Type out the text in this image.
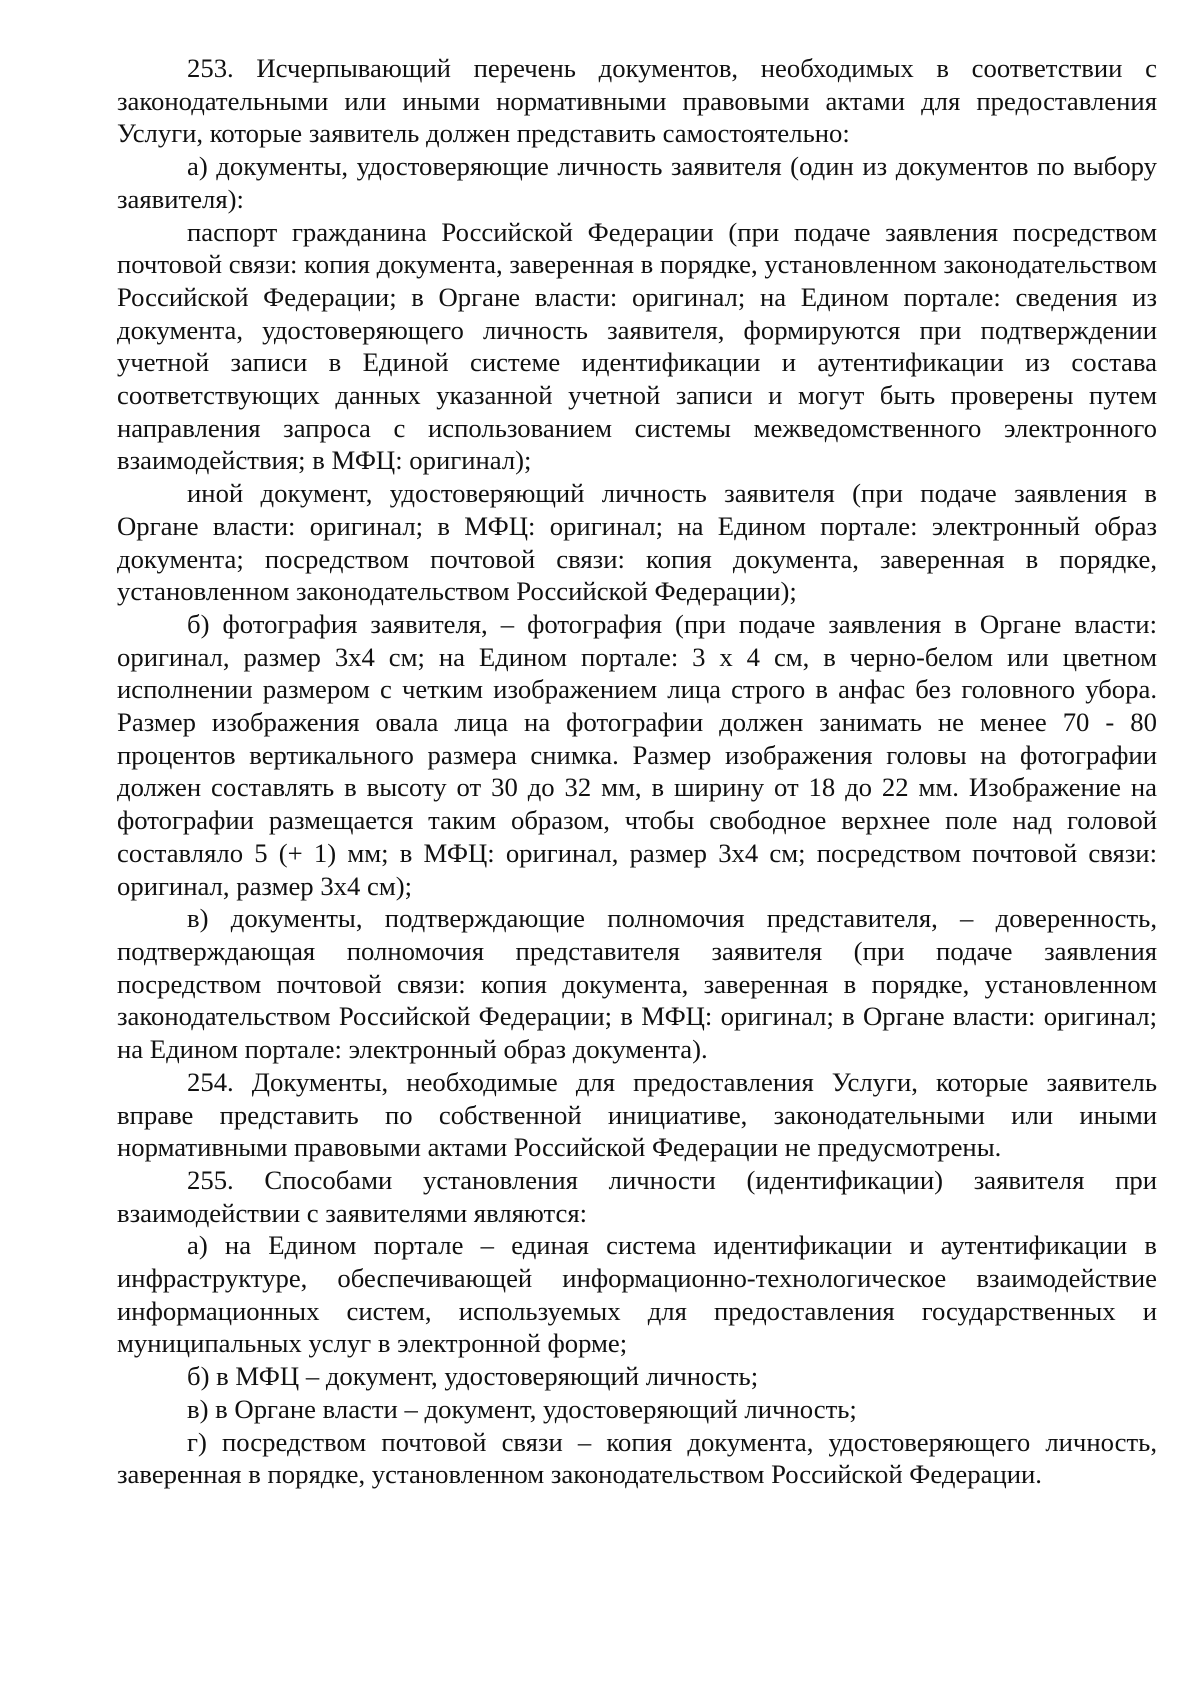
253. Исчерпывающий перечень документов, необходимых в соответствии с законодательными или иными нормативными правовыми актами для предоставления Услуги, которые заявитель должен представить самостоятельно:

а) документы, удостоверяющие личность заявителя (один из документов по выбору заявителя):

паспорт гражданина Российской Федерации (при подаче заявления посредством почтовой связи: копия документа, заверенная в порядке, установленном законодательством Российской Федерации; в Органе власти: оригинал; на Едином портале: сведения из документа, удостоверяющего личность заявителя, формируются при подтверждении учетной записи в Единой системе идентификации и аутентификации из состава соответствующих данных указанной учетной записи и могут быть проверены путем направления запроса с использованием системы межведомственного электронного взаимодействия; в МФЦ: оригинал);

иной документ, удостоверяющий личность заявителя (при подаче заявления в Органе власти: оригинал; в МФЦ: оригинал; на Едином портале: электронный образ документа; посредством почтовой связи: копия документа, заверенная в порядке, установленном законодательством Российской Федерации);

б) фотография заявителя, – фотография (при подаче заявления в Органе власти: оригинал, размер 3х4 см; на Едином портале: 3 х 4 см, в черно-белом или цветном исполнении размером с четким изображением лица строго в анфас без головного убора. Размер изображения овала лица на фотографии должен занимать не менее 70 - 80 процентов вертикального размера снимка. Размер изображения головы на фотографии должен составлять в высоту от 30 до 32 мм, в ширину от 18 до 22 мм. Изображение на фотографии размещается таким образом, чтобы свободное верхнее поле над головой составляло 5 (+ 1) мм; в МФЦ: оригинал, размер 3х4 см; посредством почтовой связи: оригинал, размер 3х4 см);

в) документы, подтверждающие полномочия представителя, – доверенность, подтверждающая полномочия представителя заявителя (при подаче заявления посредством почтовой связи: копия документа, заверенная в порядке, установленном законодательством Российской Федерации; в МФЦ: оригинал; в Органе власти: оригинал; на Едином портале: электронный образ документа).

254. Документы, необходимые для предоставления Услуги, которые заявитель вправе представить по собственной инициативе, законодательными или иными нормативными правовыми актами Российской Федерации не предусмотрены.

255. Способами установления личности (идентификации) заявителя при взаимодействии с заявителями являются:

а) на Едином портале – единая система идентификации и аутентификации в инфраструктуре, обеспечивающей информационно-технологическое взаимодействие информационных систем, используемых для предоставления государственных и муниципальных услуг в электронной форме;

б) в МФЦ – документ, удостоверяющий личность;

в) в Органе власти – документ, удостоверяющий личность;

г) посредством почтовой связи – копия документа, удостоверяющего личность, заверенная в порядке, установленном законодательством Российской Федерации.
